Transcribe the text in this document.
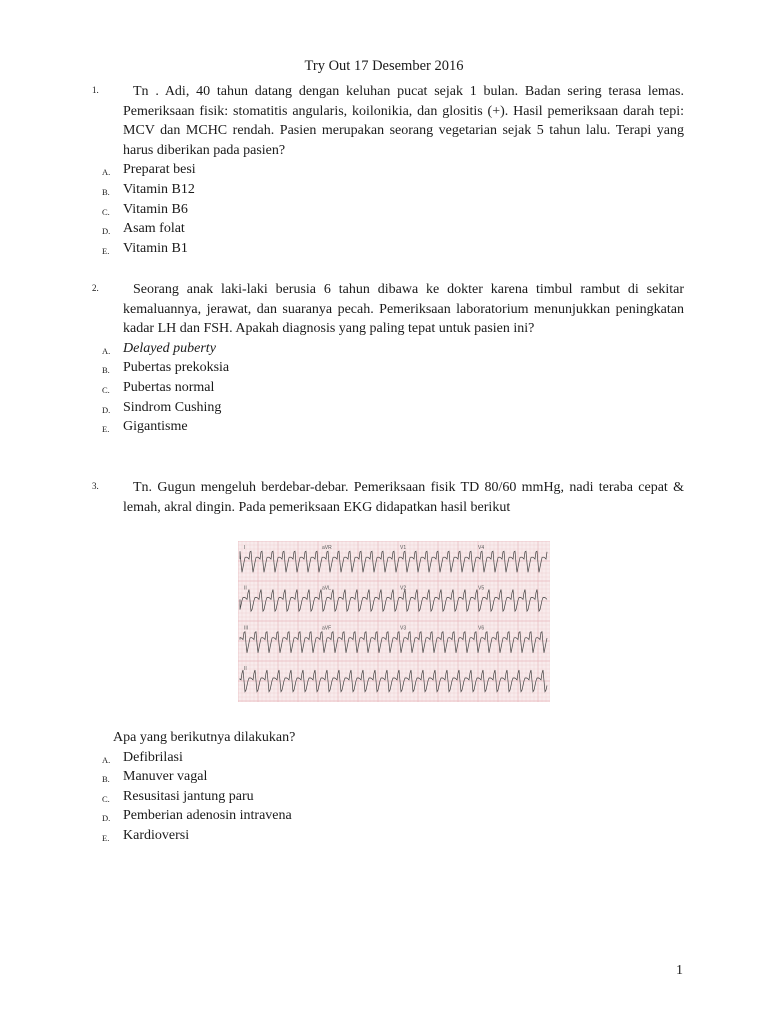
Try Out 17 Desember 2016
1.	Tn . Adi, 40 tahun datang dengan keluhan pucat sejak 1 bulan. Badan sering terasa lemas. Pemeriksaan fisik: stomatitis angularis, koilonikia, dan glositis (+). Hasil pemeriksaan darah tepi: MCV dan MCHC rendah. Pasien merupakan seorang vegetarian sejak 5 tahun lalu. Terapi yang harus diberikan pada pasien?
A. Preparat besi
B. Vitamin B12
C. Vitamin B6
D. Asam folat
E. Vitamin B1
2.	Seorang anak laki-laki berusia 6 tahun dibawa ke dokter karena timbul rambut di sekitar kemaluannya, jerawat, dan suaranya pecah. Pemeriksaan laboratorium menunjukkan peningkatan kadar LH dan FSH. Apakah diagnosis yang paling tepat untuk pasien ini?
A. Delayed puberty
B. Pubertas prekoksia
C. Pubertas normal
D. Sindrom Cushing
E. Gigantisme
3.	Tn. Gugun mengeluh berdebar-debar. Pemeriksaan fisik TD 80/60 mmHg, nadi teraba cepat & lemah, akral dingin. Pada pemeriksaan EKG didapatkan hasil berikut
I	aVR	V1	V4
II	aVL	V2	V5
III	aVF	V3	V6
II
Apa yang berikutnya dilakukan?
A. Defibrilasi
B. Manuver vagal
C. Resusitasi jantung paru
D. Pemberian adenosin intravena
E. Kardioversi
1
